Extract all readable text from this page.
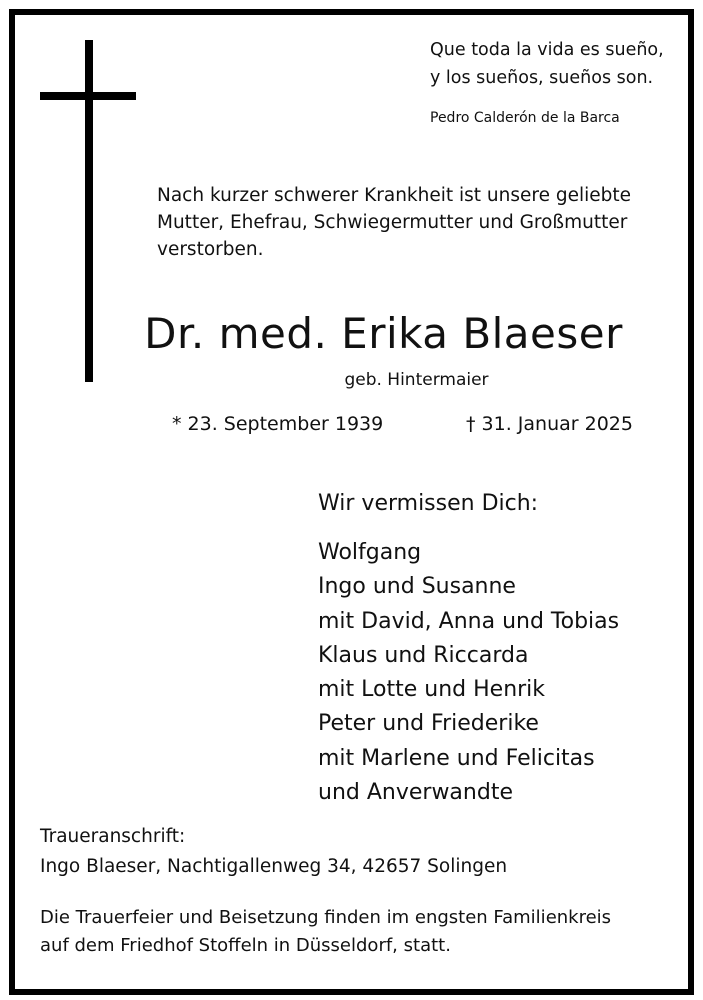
Que toda la vida es sueño,
y los sueños, sueños son.
Pedro Calderón de la Barca
Nach kurzer schwerer Krankheit ist unsere geliebte
Mutter, Ehefrau, Schwiegermutter und Großmutter
verstorben.
Dr. med. Erika Blaeser
geb. Hintermaier
* 23. September 1939	† 31. Januar 2025
Wir vermissen Dich:
Wolfgang
Ingo und Susanne
mit David, Anna und Tobias
Klaus und Riccarda
mit Lotte und Henrik
Peter und Friederike
mit Marlene und Felicitas
und Anverwandte
Traueranschrift:
Ingo Blaeser, Nachtigallenweg 34, 42657 Solingen
Die Trauerfeier und Beisetzung finden im engsten Familienkreis
auf dem Friedhof Stoffeln in Düsseldorf, statt.
